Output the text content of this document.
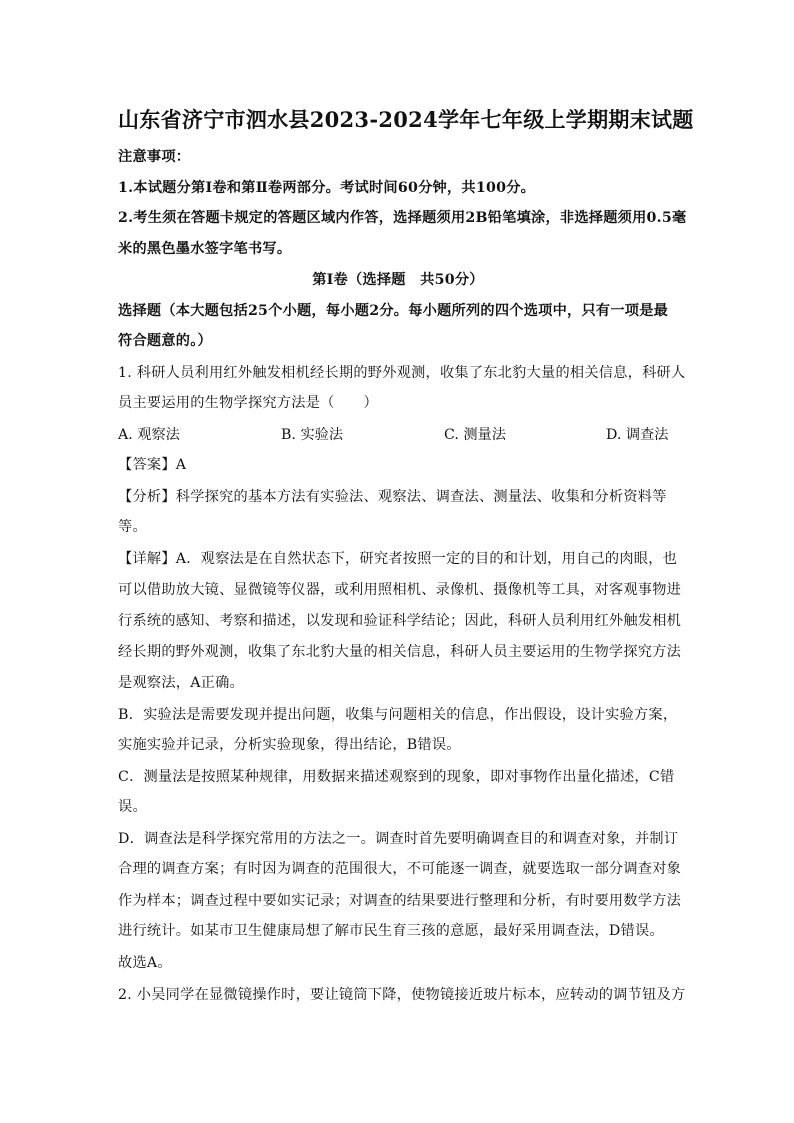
山东省济宁市泗水县2023-2024学年七年级上学期期末试题
注意事项：
1.本试题分第Ⅰ卷和第Ⅱ卷两部分。考试时间60分钟，共100分。
2.考生须在答题卡规定的答题区域内作答，选择题须用2B铅笔填涂，非选择题须用0.5毫
米的黑色墨水签字笔书写。
第Ⅰ卷（选择题　共50分）
选择题（本大题包括25个小题，每小题2分。每小题所列的四个选项中，只有一项是最
符合题意的。）
1. 科研人员利用红外触发相机经长期的野外观测，收集了东北豹大量的相关信息，科研人
员主要运用的生物学探究方法是（　　）
A. 观察法	B. 实验法	C. 测量法	D. 调查法
【答案】A
【分析】科学探究的基本方法有实验法、观察法、调查法、测量法、收集和分析资料等
等。
【详解】A．观察法是在自然状态下，研究者按照一定的目的和计划，用自己的肉眼，也
可以借助放大镜、显微镜等仪器，或利用照相机、录像机、摄像机等工具，对客观事物进
行系统的感知、考察和描述，以发现和验证科学结论；因此，科研人员利用红外触发相机
经长期的野外观测，收集了东北豹大量的相关信息，科研人员主要运用的生物学探究方法
是观察法，A正确。
B．实验法是需要发现并提出问题，收集与问题相关的信息，作出假设，设计实验方案，
实施实验并记录，分析实验现象，得出结论，B错误。
C．测量法是按照某种规律，用数据来描述观察到的现象，即对事物作出量化描述，C错
误。
D．调查法是科学探究常用的方法之一。调查时首先要明确调查目的和调查对象，并制订
合理的调查方案；有时因为调查的范围很大，不可能逐一调查，就要选取一部分调查对象
作为样本；调查过程中要如实记录；对调查的结果要进行整理和分析，有时要用数学方法
进行统计。如某市卫生健康局想了解市民生育三孩的意愿，最好采用调查法，D错误。
故选A。
2. 小吴同学在显微镜操作时，要让镜筒下降，使物镜接近玻片标本，应转动的调节钮及方
